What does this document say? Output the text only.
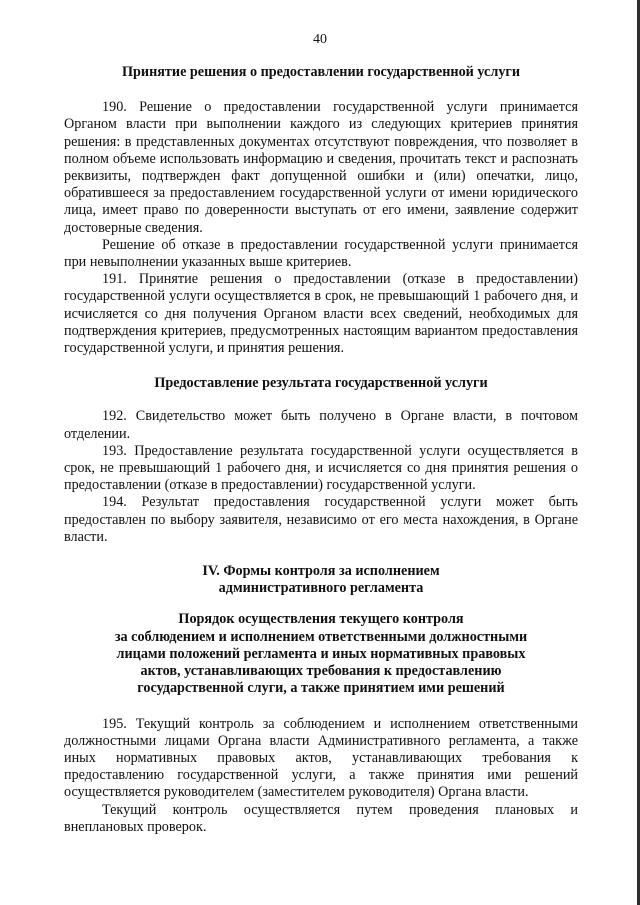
40

Принятие решения о предоставлении государственной услуги

190. Решение о предоставлении государственной услуги принимается Органом власти при выполнении каждого из следующих критериев принятия решения: в представленных документах отсутствуют повреждения, что позволяет в полном объеме использовать информацию и сведения, прочитать текст и распознать реквизиты, подтвержден факт допущенной ошибки и (или) опечатки, лицо, обратившееся за предоставлением государственной услуги от имени юридического лица, имеет право по доверенности выступать от его имени, заявление содержит достоверные сведения.

Решение об отказе в предоставлении государственной услуги принимается при невыполнении указанных выше критериев.

191. Принятие решения о предоставлении (отказе в предоставлении) государственной услуги осуществляется в срок, не превышающий 1 рабочего дня, и исчисляется со дня получения Органом власти всех сведений, необходимых для подтверждения критериев, предусмотренных настоящим вариантом предоставления государственной услуги, и принятия решения.

Предоставление результата государственной услуги

192. Свидетельство может быть получено в Органе власти, в почтовом отделении.

193. Предоставление результата государственной услуги осуществляется в срок, не превышающий 1 рабочего дня, и исчисляется со дня принятия решения о предоставлении (отказе в предоставлении) государственной услуги.

194. Результат предоставления государственной услуги может быть предоставлен по выбору заявителя, независимо от его места нахождения, в Органе власти.

IV. Формы контроля за исполнением
административного регламента

Порядок осуществления текущего контроля
за соблюдением и исполнением ответственными должностными
лицами положений регламента и иных нормативных правовых
актов, устанавливающих требования к предоставлению
государственной слуги, а также принятием ими решений

195. Текущий контроль за соблюдением и исполнением ответственными должностными лицами Органа власти Административного регламента, а также иных нормативных правовых актов, устанавливающих требования к предоставлению государственной услуги, а также принятия ими решений осуществляется руководителем (заместителем руководителя) Органа власти.

Текущий контроль осуществляется путем проведения плановых и внеплановых проверок.
